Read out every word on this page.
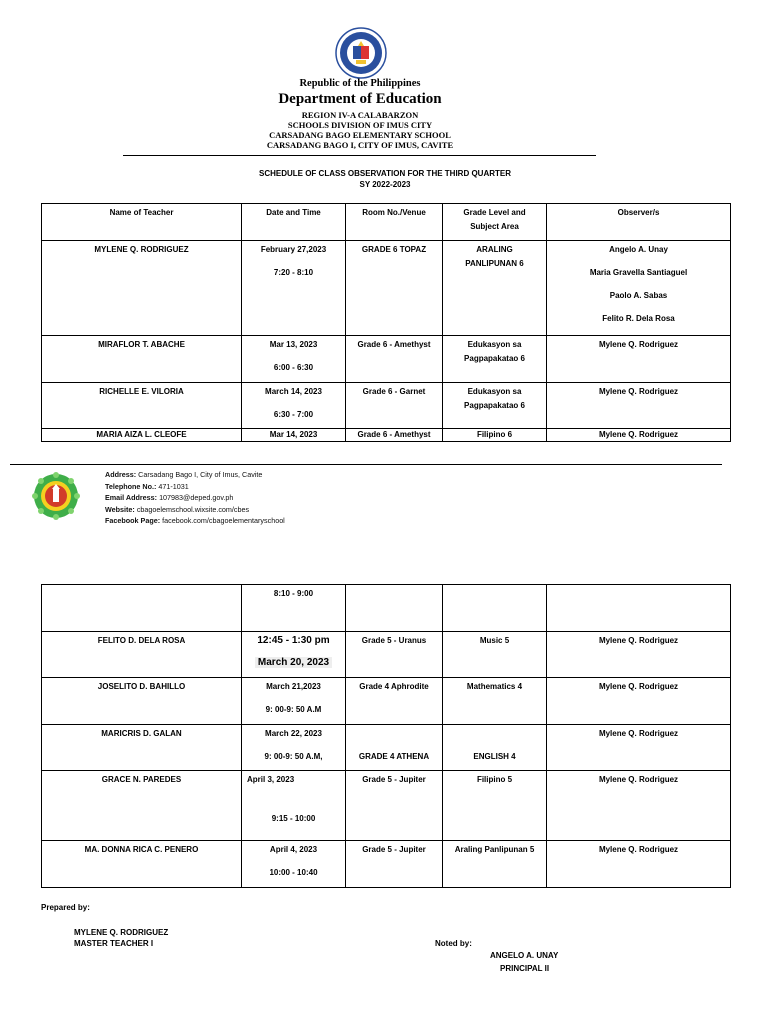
Republic of the Philippines
Department of Education
REGION IV-A CALABARZON
SCHOOLS DIVISION OF IMUS CITY
CARSADANG BAGO ELEMENTARY SCHOOL
CARSADANG BAGO I, CITY OF IMUS, CAVITE
SCHEDULE OF CLASS OBSERVATION FOR THE THIRD QUARTER
SY 2022-2023
Name of Teacher	Date and Time	Room No./Venue	Grade Level and
Subject Area	Observer/s
MYLENE Q. RODRIGUEZ	February 27,2023
7:20 - 8:10	GRADE 6 TOPAZ	ARALING
PANLIPUNAN 6	Angelo A. Unay
Maria Gravella Santiaguel
Paolo A. Sabas
Felito R. Dela Rosa

MIRAFLOR T. ABACHE	Mar 13, 2023
6:00 - 6:30	Grade 6 - Amethyst	Edukasyon sa
Pagpapakatao 6	Mylene Q. Rodriguez
RICHELLE E. VILORIA	March 14, 2023
6:30 - 7:00	Grade 6 - Garnet	Edukasyon sa
Pagpapakatao 6	Mylene Q. Rodriguez
MARIA AIZA L. CLEOFE	Mar 14, 2023	Grade 6 - Amethyst	Filipino 6	Mylene Q. Rodriguez
Address: Carsadang Bago I, City of Imus, Cavite
Telephone No.: 471-1031
Email Address: 107983@deped.gov.ph
Website: cbagoelemschool.wixsite.com/cbes
Facebook Page: facebook.com/cbagoelementaryschool
	8:10 - 9:00			
FELITO D. DELA ROSA	12:45 - 1:30 pm
March 20, 2023	Grade 5 - Uranus	Music 5	Mylene Q. Rodriguez
JOSELITO D. BAHILLO	March 21,2023
9: 00-9: 50 A.M	Grade 4 Aphrodite	Mathematics 4	Mylene Q. Rodriguez
MARICRIS D. GALAN	March 22, 2023
9: 00-9: 50 A.M,	GRADE 4 ATHENA	ENGLISH 4	Mylene Q. Rodriguez
GRACE N. PAREDES	April 3, 2023
9:15 - 10:00	Grade 5 - Jupiter	Filipino 5	Mylene Q. Rodriguez
MA. DONNA RICA C. PENERO	April 4, 2023
10:00 - 10:40	Grade 5 - Jupiter	Araling Panlipunan 5	Mylene Q. Rodriguez
Prepared by:
MYLENE Q. RODRIGUEZ
MASTER TEACHER I	Noted by:
ANGELO A. UNAY
PRINCIPAL II
